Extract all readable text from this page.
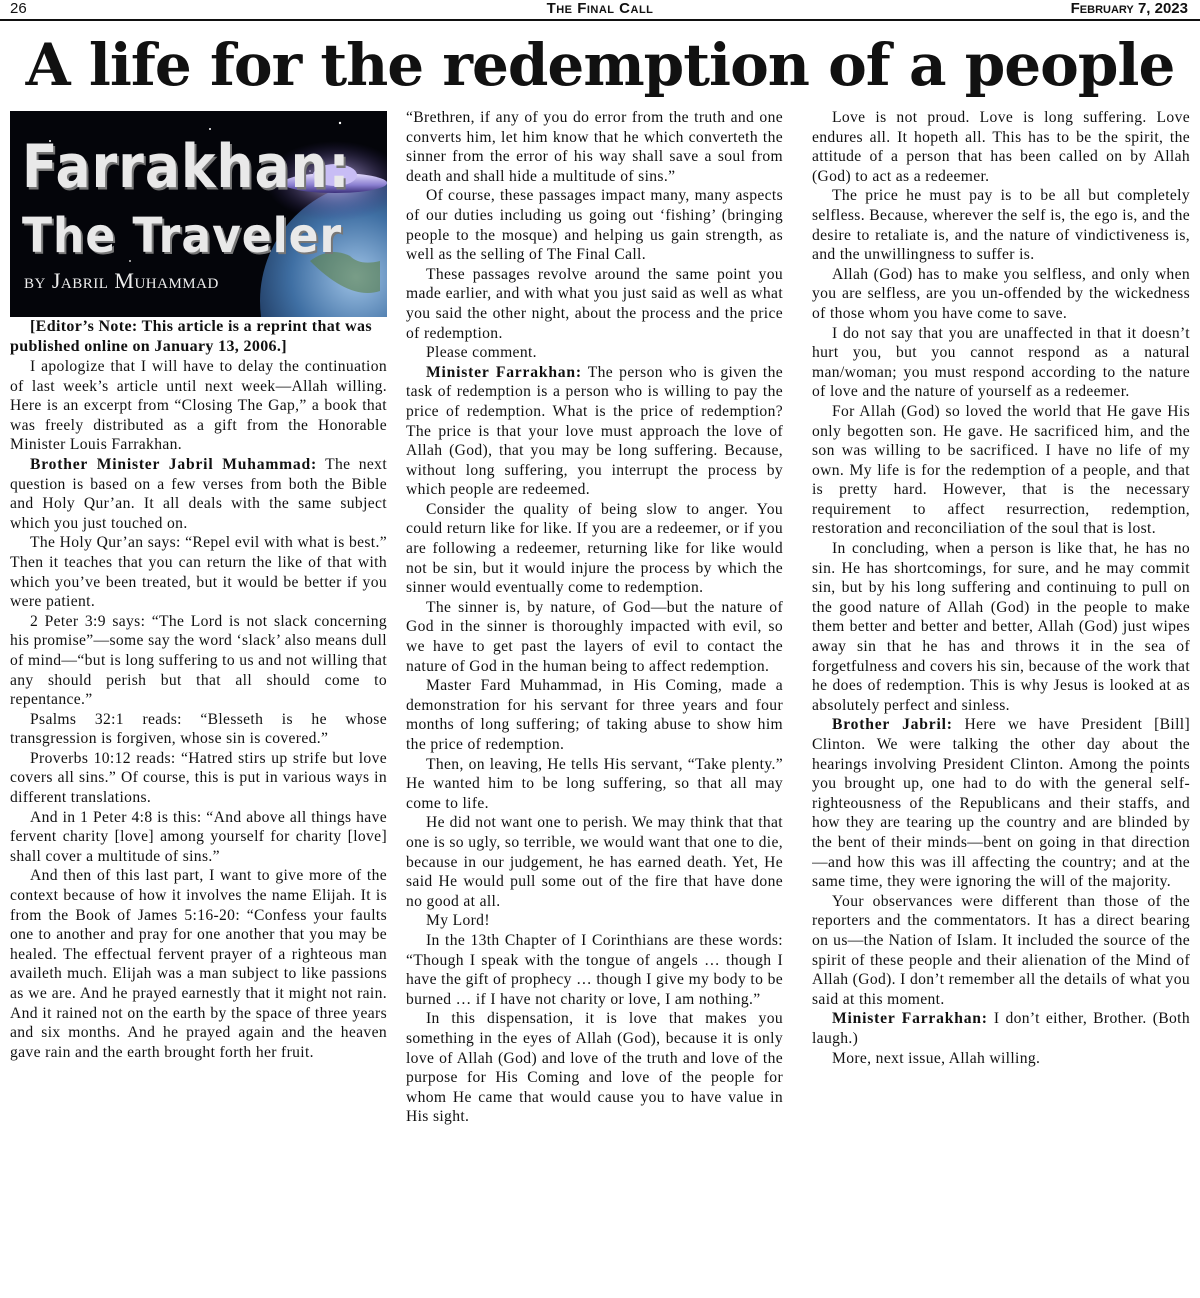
26	The Final Call	February 7, 2023
A life for the redemption of a people
Farrakhan:
The Traveler
by Jabril Muhammad

[Editor’s Note: This article is a reprint that was published online on January 13, 2006.]

I apologize that I will have to delay the continuation of last week’s article until next week—Allah willing. Here is an excerpt from “Closing The Gap,” a book that was freely distributed as a gift from the Honorable Minister Louis Farrakhan.

Brother Minister Jabril Muhammad: The next question is based on a few verses from both the Bible and Holy Qur’an. It all deals with the same subject which you just touched on.

The Holy Qur’an says: “Repel evil with what is best.” Then it teaches that you can return the like of that with which you’ve been treated, but it would be better if you were patient.

2 Peter 3:9 says: “The Lord is not slack concerning his promise”—some say the word ‘slack’ also means dull of mind—“but is long suffering to us and not willing that any should perish but that all should come to repentance.”

Psalms 32:1 reads: “Blesseth is he whose transgression is forgiven, whose sin is covered.”

Proverbs 10:12 reads: “Hatred stirs up strife but love covers all sins.” Of course, this is put in various ways in different translations.

And in 1 Peter 4:8 is this: “And above all things have fervent charity [love] among yourself for charity [love] shall cover a multitude of sins.”

And then of this last part, I want to give more of the context because of how it involves the name Elijah. It is from the Book of James 5:16-20: “Confess your faults one to another and pray for one another that you may be healed. The effectual fervent prayer of a righteous man availeth much. Elijah was a man subject to like passions as we are. And he prayed earnestly that it might not rain. And it rained not on the earth by the space of three years and six months. And he prayed again and the heaven gave rain and the earth brought forth her fruit.

“Brethren, if any of you do error from the truth and one converts him, let him know that he which converteth the sinner from the error of his way shall save a soul from death and shall hide a multitude of sins.”

Of course, these passages impact many, many aspects of our duties including us going out ‘fishing’ (bringing people to the mosque) and helping us gain strength, as well as the selling of The Final Call.

These passages revolve around the same point you made earlier, and with what you just said as well as what you said the other night, about the process and the price of redemption.

Please comment.

Minister Farrakhan: The person who is given the task of redemption is a person who is willing to pay the price of redemption. What is the price of redemption? The price is that your love must approach the love of Allah (God), that you may be long suffering. Because, without long suffering, you interrupt the process by which people are redeemed.

Consider the quality of being slow to anger. You could return like for like. If you are a redeemer, or if you are following a redeemer, returning like for like would not be sin, but it would injure the process by which the sinner would eventually come to redemption.

The sinner is, by nature, of God—but the nature of God in the sinner is thoroughly impacted with evil, so we have to get past the layers of evil to contact the nature of God in the human being to affect redemption.

Master Fard Muhammad, in His Coming, made a demonstration for his servant for three years and four months of long suffering; of taking abuse to show him the price of redemption.

Then, on leaving, He tells His servant, “Take plenty.” He wanted him to be long suffering, so that all may come to life.

He did not want one to perish. We may think that that one is so ugly, so terrible, we would want that one to die, because in our judgement, he has earned death. Yet, He said He would pull some out of the fire that have done no good at all.

My Lord!

In the 13th Chapter of I Corinthians are these words: “Though I speak with the tongue of angels … though I have the gift of prophecy … though I give my body to be burned … if I have not charity or love, I am nothing.”

In this dispensation, it is love that makes you something in the eyes of Allah (God), because it is only love of Allah (God) and love of the truth and love of the purpose for His Coming and love of the people for whom He came that would cause you to have value in His sight.

Love is not proud. Love is long suffering. Love endures all. It hopeth all. This has to be the spirit, the attitude of a person that has been called on by Allah (God) to act as a redeemer.

The price he must pay is to be all but completely selfless. Because, wherever the self is, the ego is, and the desire to retaliate is, and the nature of vindictiveness is, and the unwillingness to suffer is.

Allah (God) has to make you selfless, and only when you are selfless, are you un-offended by the wickedness of those whom you have come to save.

I do not say that you are unaffected in that it doesn’t hurt you, but you cannot respond as a natural man/woman; you must respond according to the nature of love and the nature of yourself as a redeemer.

For Allah (God) so loved the world that He gave His only begotten son. He gave. He sacrificed him, and the son was willing to be sacrificed. I have no life of my own. My life is for the redemption of a people, and that is pretty hard. However, that is the necessary requirement to affect resurrection, redemption, restoration and reconciliation of the soul that is lost.

In concluding, when a person is like that, he has no sin. He has shortcomings, for sure, and he may commit sin, but by his long suffering and continuing to pull on the good nature of Allah (God) in the people to make them better and better and better, Allah (God) just wipes away sin that he has and throws it in the sea of forgetfulness and covers his sin, because of the work that he does of redemption. This is why Jesus is looked at as absolutely perfect and sinless.

Brother Jabril: Here we have President [Bill] Clinton. We were talking the other day about the hearings involving President Clinton. Among the points you brought up, one had to do with the general self-righteousness of the Republicans and their staffs, and how they are tearing up the country and are blinded by the bent of their minds—bent on going in that direction—and how this was ill affecting the country; and at the same time, they were ignoring the will of the majority.

Your observances were different than those of the reporters and the commentators. It has a direct bearing on us—the Nation of Islam. It included the source of the spirit of these people and their alienation of the Mind of Allah (God). I don’t remember all the details of what you said at this moment.

Minister Farrakhan: I don’t either, Brother. (Both laugh.)

More, next issue, Allah willing.
